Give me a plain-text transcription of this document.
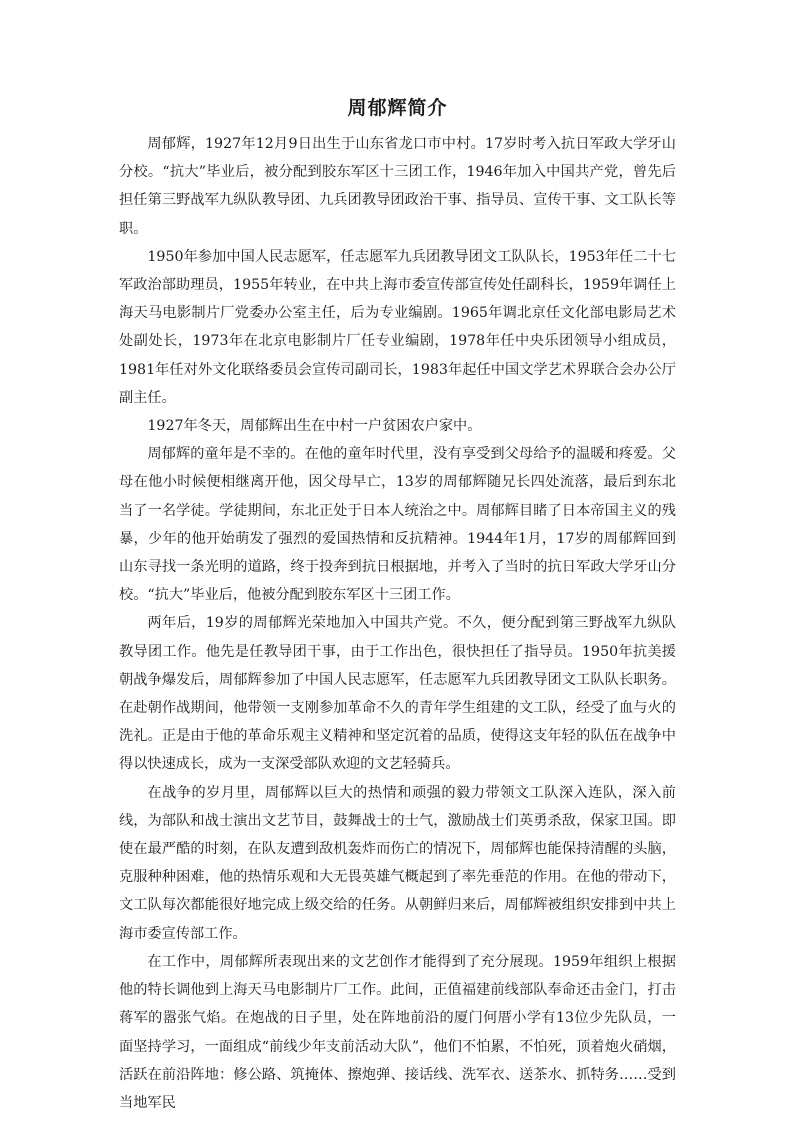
周郁辉简介

周郁辉，1927年12月9日出生于山东省龙口市中村。17岁时考入抗日军政大学牙山分校。“抗大”毕业后，被分配到胶东军区十三团工作，1946年加入中国共产党，曾先后担任第三野战军九纵队教导团、九兵团教导团政治干事、指导员、宣传干事、文工队长等职。

1950年参加中国人民志愿军，任志愿军九兵团教导团文工队队长，1953年任二十七军政治部助理员，1955年转业，在中共上海市委宣传部宣传处任副科长，1959年调任上海天马电影制片厂党委办公室主任，后为专业编剧。1965年调北京任文化部电影局艺术处副处长，1973年在北京电影制片厂任专业编剧，1978年任中央乐团领导小组成员，1981年任对外文化联络委员会宣传司副司长，1983年起任中国文学艺术界联合会办公厅副主任。

1927年冬天，周郁辉出生在中村一户贫困农户家中。

周郁辉的童年是不幸的。在他的童年时代里，没有享受到父母给予的温暖和疼爱。父母在他小时候便相继离开他，因父母早亡，13岁的周郁辉随兄长四处流落，最后到东北当了一名学徒。学徒期间，东北正处于日本人统治之中。周郁辉目睹了日本帝国主义的残暴，少年的他开始萌发了强烈的爱国热情和反抗精神。1944年1月，17岁的周郁辉回到山东寻找一条光明的道路，终于投奔到抗日根据地，并考入了当时的抗日军政大学牙山分校。“抗大”毕业后，他被分配到胶东军区十三团工作。

两年后，19岁的周郁辉光荣地加入中国共产党。不久，便分配到第三野战军九纵队教导团工作。他先是任教导团干事，由于工作出色，很快担任了指导员。1950年抗美援朝战争爆发后，周郁辉参加了中国人民志愿军，任志愿军九兵团教导团文工队队长职务。在赴朝作战期间，他带领一支刚参加革命不久的青年学生组建的文工队，经受了血与火的洗礼。正是由于他的革命乐观主义精神和坚定沉着的品质，使得这支年轻的队伍在战争中得以快速成长，成为一支深受部队欢迎的文艺轻骑兵。

在战争的岁月里，周郁辉以巨大的热情和顽强的毅力带领文工队深入连队，深入前线，为部队和战士演出文艺节目，鼓舞战士的士气，激励战士们英勇杀敌，保家卫国。即使在最严酷的时刻，在队友遭到敌机轰炸而伤亡的情况下，周郁辉也能保持清醒的头脑，克服种种困难，他的热情乐观和大无畏英雄气概起到了率先垂范的作用。在他的带动下，文工队每次都能很好地完成上级交给的任务。从朝鲜归来后，周郁辉被组织安排到中共上海市委宣传部工作。

在工作中，周郁辉所表现出来的文艺创作才能得到了充分展现。1959年组织上根据他的特长调他到上海天马电影制片厂工作。此间，正值福建前线部队奉命还击金门，打击蒋军的嚣张气焰。在炮战的日子里，处在阵地前沿的厦门何厝小学有13位少先队员，一面坚持学习，一面组成“前线少年支前活动大队”，他们不怕累，不怕死，顶着炮火硝烟，活跃在前沿阵地：修公路、筑掩体、擦炮弹、接话线、洗军衣、送茶水、抓特务……受到当地军民
